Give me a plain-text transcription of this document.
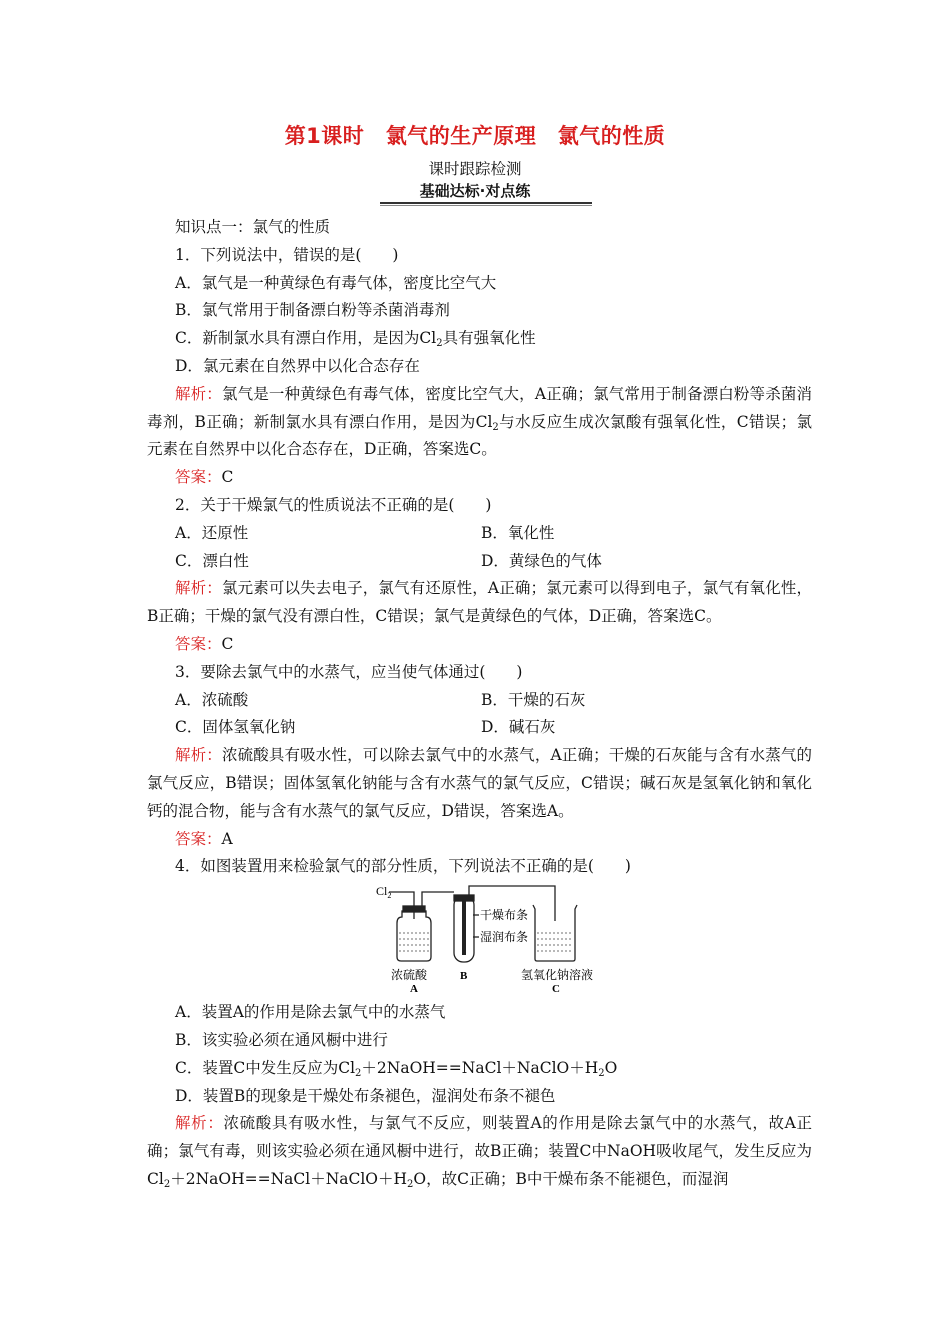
第1课时　氯气的生产原理　氯气的性质
课时跟踪检测
基础达标·对点练
知识点一：氯气的性质
1．下列说法中，错误的是(　　)
A．氯气是一种黄绿色有毒气体，密度比空气大
B．氯气常用于制备漂白粉等杀菌消毒剂
C．新制氯水具有漂白作用，是因为$Cl_2$具有强氧化性
D．氯元素在自然界中以化合态存在
解析：氯气是一种黄绿色有毒气体，密度比空气大，A正确；氯气常用于制备漂白粉等杀菌消毒剂，B正确；新制氯水具有漂白作用，是因为$Cl_2$与水反应生成次氯酸有强氧化性，C错误；氯元素在自然界中以化合态存在，D正确，答案选C。
答案：C
2．关于干燥氯气的性质说法不正确的是(　　)
A．还原性	B．氧化性
C．漂白性	D．黄绿色的气体
解析：氯元素可以失去电子，氯气有还原性，A正确；氯元素可以得到电子，氯气有氧化性，B正确；干燥的氯气没有漂白性，C错误；氯气是黄绿色的气体，D正确，答案选C。
答案：C
3．要除去氯气中的水蒸气，应当使气体通过(　　)
A．浓硫酸	B．干燥的石灰
C．固体氢氧化钠	D．碱石灰
解析：浓硫酸具有吸水性，可以除去氯气中的水蒸气，A正确；干燥的石灰能与含有水蒸气的氯气反应，B错误；固体氢氧化钠能与含有水蒸气的氯气反应，C错误；碱石灰是氢氧化钠和氧化钙的混合物，能与含有水蒸气的氯气反应，D错误，答案选A。
答案：A
4．如图装置用来检验氯气的部分性质，下列说法不正确的是(　　)
$Cl_2$
干燥布条
湿润布条
浓硫酸
A
B	氢氧化钠溶液
C
A．装置A的作用是除去氯气中的水蒸气
B．该实验必须在通风橱中进行
C．装置C中发生反应为$Cl_2+2NaOH==NaCl+NaClO+H_2O$
D．装置B的现象是干燥处布条褪色，湿润处布条不褪色
解析：浓硫酸具有吸水性，与氯气不反应，则装置A的作用是除去氯气中的水蒸气，故A正确；氯气有毒，则该实验必须在通风橱中进行，故B正确；装置C中NaOH吸收尾气，发生反应为$Cl_2+2NaOH==NaCl+NaClO+H_2O$，故C正确；B中干燥布条不能褪色，而湿润
